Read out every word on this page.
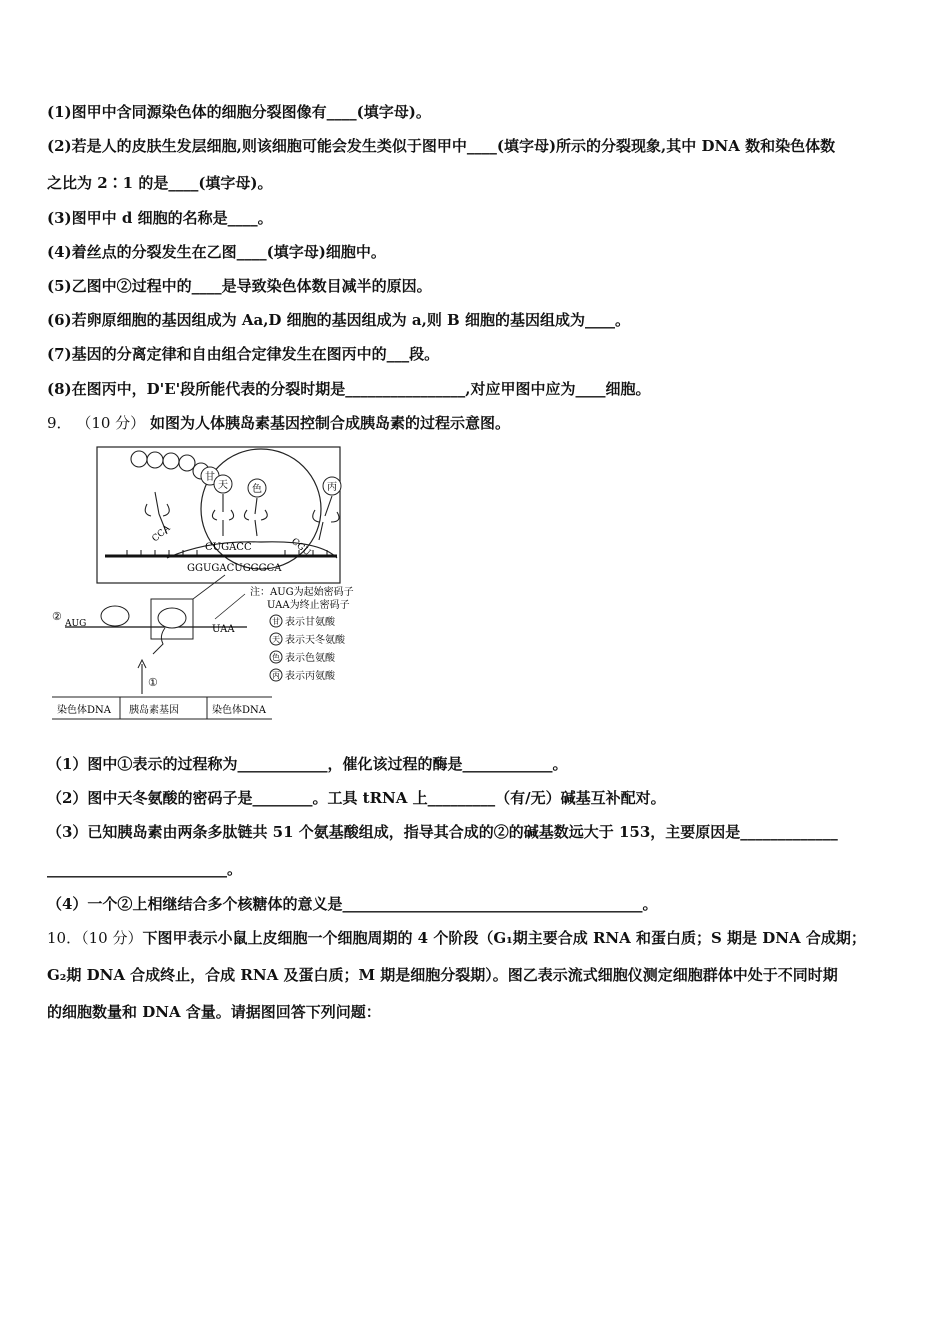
(1)图甲中含同源染色体的细胞分裂图像有____(填字母)。
(2)若是人的皮肤生发层细胞,则该细胞可能会发生类似于图甲中____(填字母)所示的分裂现象,其中 DNA 数和染色体数
之比为 2∶1 的是____(填字母)。
(3)图甲中 d 细胞的名称是____。
(4)着丝点的分裂发生在乙图____(填字母)细胞中。
(5)乙图中②过程中的____是导致染色体数目减半的原因。
(6)若卵原细胞的基因组成为 Aa,D 细胞的基因组成为 a,则 B 细胞的基因组成为____。
(7)基因的分离定律和自由组合定律发生在图丙中的___段。
(8)在图丙中，D'E'段所能代表的分裂时期是________________,对应甲图中应为____细胞。
9． （10 分） 如图为人体胰岛素基因控制合成胰岛素的过程示意图。
甘
天 色	丙
CCA
CUGACC	CGU
GGUGACUGGGCA
②
AUG	UAA
①
染色体DNA 胰岛素基因	染色体DNA
注：AUG为起始密码子
UAA为终止密码子
甘 表示甘氨酸
天 表示天冬氨酸
色 表示色氨酸
丙 表示丙氨酸
（1）图中①表示的过程称为____________，催化该过程的酶是____________。
（2）图中天冬氨酸的密码子是________。工具 tRNA 上_________（有/无）碱基互补配对。
（3）已知胰岛素由两条多肽链共 51 个氨基酸组成，指导其合成的②的碱基数远大于 153，主要原因是_____________
________________________。
（4）一个②上相继结合多个核糖体的意义是________________________________________。
10．（10 分）下图甲表示小鼠上皮细胞一个细胞周期的 4 个阶段（G₁期主要合成 RNA 和蛋白质；S 期是 DNA 合成期；
G₂期 DNA 合成终止，合成 RNA 及蛋白质；M 期是细胞分裂期）。图乙表示流式细胞仪测定细胞群体中处于不同时期
的细胞数量和 DNA 含量。请据图回答下列问题：
